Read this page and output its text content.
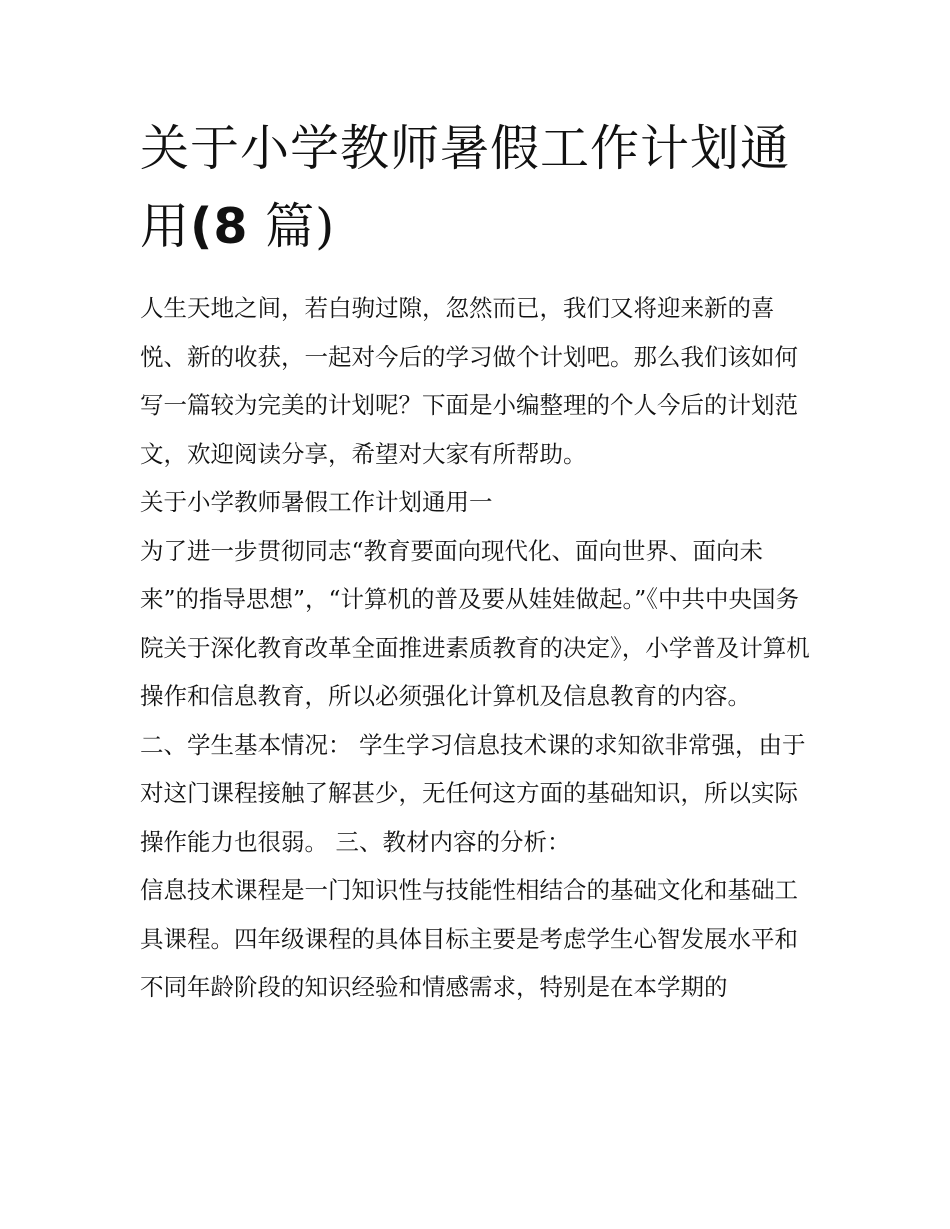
关于小学教师暑假工作计划通用(8 篇)

人生天地之间，若白驹过隙，忽然而已，我们又将迎来新的喜悦、新的收获，一起对今后的学习做个计划吧。那么我们该如何写一篇较为完美的计划呢？下面是小编整理的个人今后的计划范文，欢迎阅读分享，希望对大家有所帮助。

关于小学教师暑假工作计划通用一

为了进一步贯彻同志“教育要面向现代化、面向世界、面向未来”的指导思想”，“计算机的普及要从娃娃做起。”《中共中央国务院关于深化教育改革全面推进素质教育的决定》，小学普及计算机操作和信息教育，所以必须强化计算机及信息教育的内容。

二、学生基本情况： 学生学习信息技术课的求知欲非常强，由于对这门课程接触了解甚少，无任何这方面的基础知识，所以实际操作能力也很弱。 三、教材内容的分析：

信息技术课程是一门知识性与技能性相结合的基础文化和基础工具课程。四年级课程的具体目标主要是考虑学生心智发展水平和不同年龄阶段的知识经验和情感需求，特别是在本学期的
